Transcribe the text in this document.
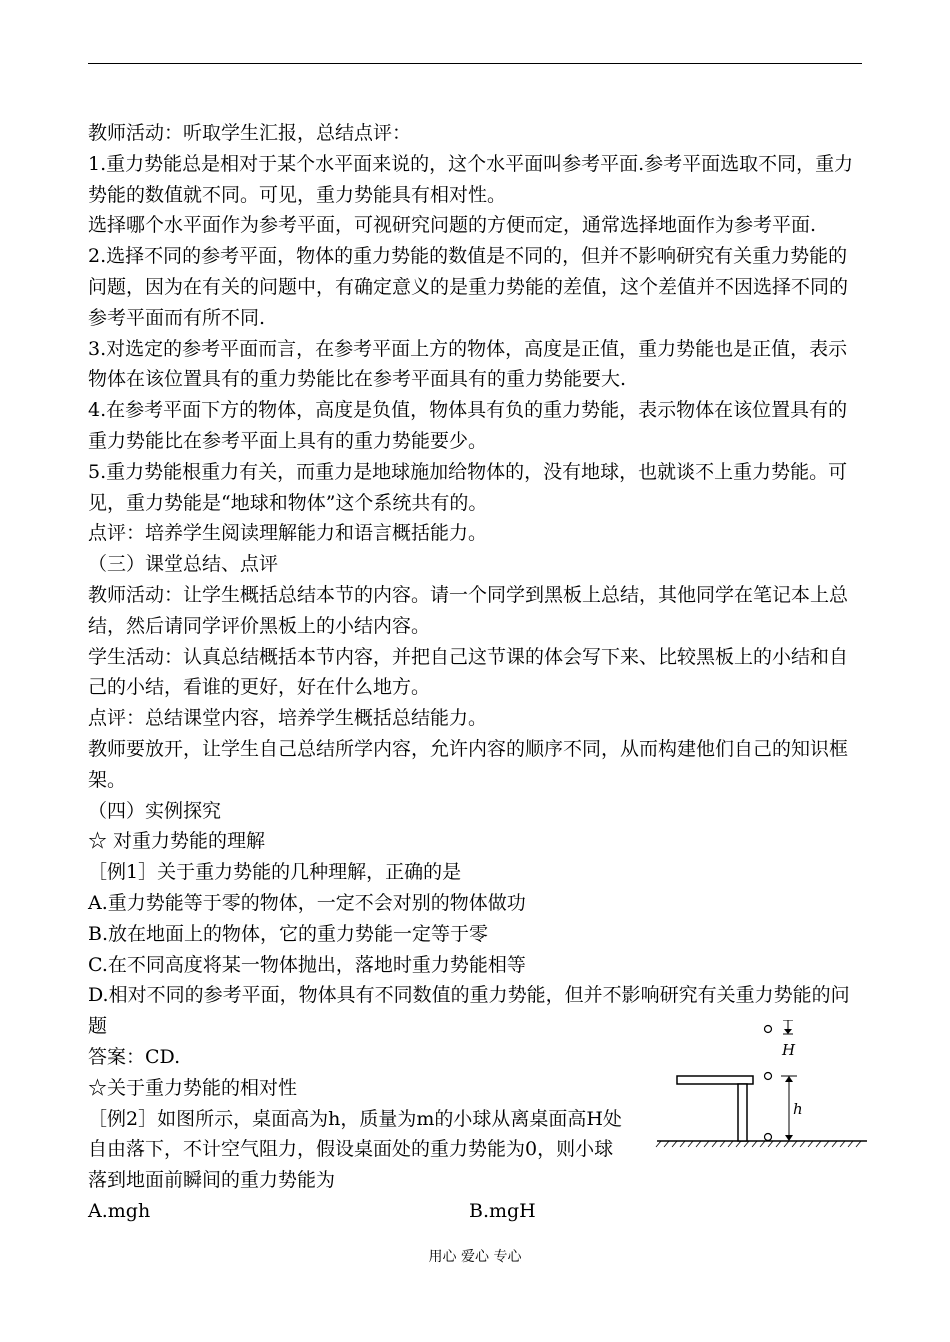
教师活动：听取学生汇报，总结点评：

1.重力势能总是相对于某个水平面来说的，这个水平面叫参考平面.参考平面选取不同，重力势能的数值就不同。可见，重力势能具有相对性。

选择哪个水平面作为参考平面，可视研究问题的方便而定，通常选择地面作为参考平面.

2.选择不同的参考平面，物体的重力势能的数值是不同的，但并不影响研究有关重力势能的问题，因为在有关的问题中，有确定意义的是重力势能的差值，这个差值并不因选择不同的参考平面而有所不同.

3.对选定的参考平面而言，在参考平面上方的物体，高度是正值，重力势能也是正值，表示物体在该位置具有的重力势能比在参考平面具有的重力势能要大.

4.在参考平面下方的物体，高度是负值，物体具有负的重力势能，表示物体在该位置具有的重力势能比在参考平面上具有的重力势能要少。

5.重力势能根重力有关，而重力是地球施加给物体的，没有地球，也就谈不上重力势能。可见，重力势能是“地球和物体”这个系统共有的。

点评：培养学生阅读理解能力和语言概括能力。

（三）课堂总结、点评

教师活动：让学生概括总结本节的内容。请一个同学到黑板上总结，其他同学在笔记本上总结，然后请同学评价黑板上的小结内容。

学生活动：认真总结概括本节内容，并把自己这节课的体会写下来、比较黑板上的小结和自己的小结，看谁的更好，好在什么地方。

点评：总结课堂内容，培养学生概括总结能力。

教师要放开，让学生自己总结所学内容，允许内容的顺序不同，从而构建他们自己的知识框架。

（四）实例探究

☆ 对重力势能的理解

［例1］关于重力势能的几种理解，正确的是

A.重力势能等于零的物体，一定不会对别的物体做功

B.放在地面上的物体，它的重力势能一定等于零

C.在不同高度将某一物体抛出，落地时重力势能相等

D.相对不同的参考平面，物体具有不同数值的重力势能，但并不影响研究有关重力势能的问题

答案：CD.

☆关于重力势能的相对性

［例2］如图所示，桌面高为h，质量为m的小球从离桌面高H处自由落下，不计空气阻力，假设桌面处的重力势能为0，则小球落到地面前瞬间的重力势能为

A.mgh	B.mgH
H
h
用心 爱心 专心
